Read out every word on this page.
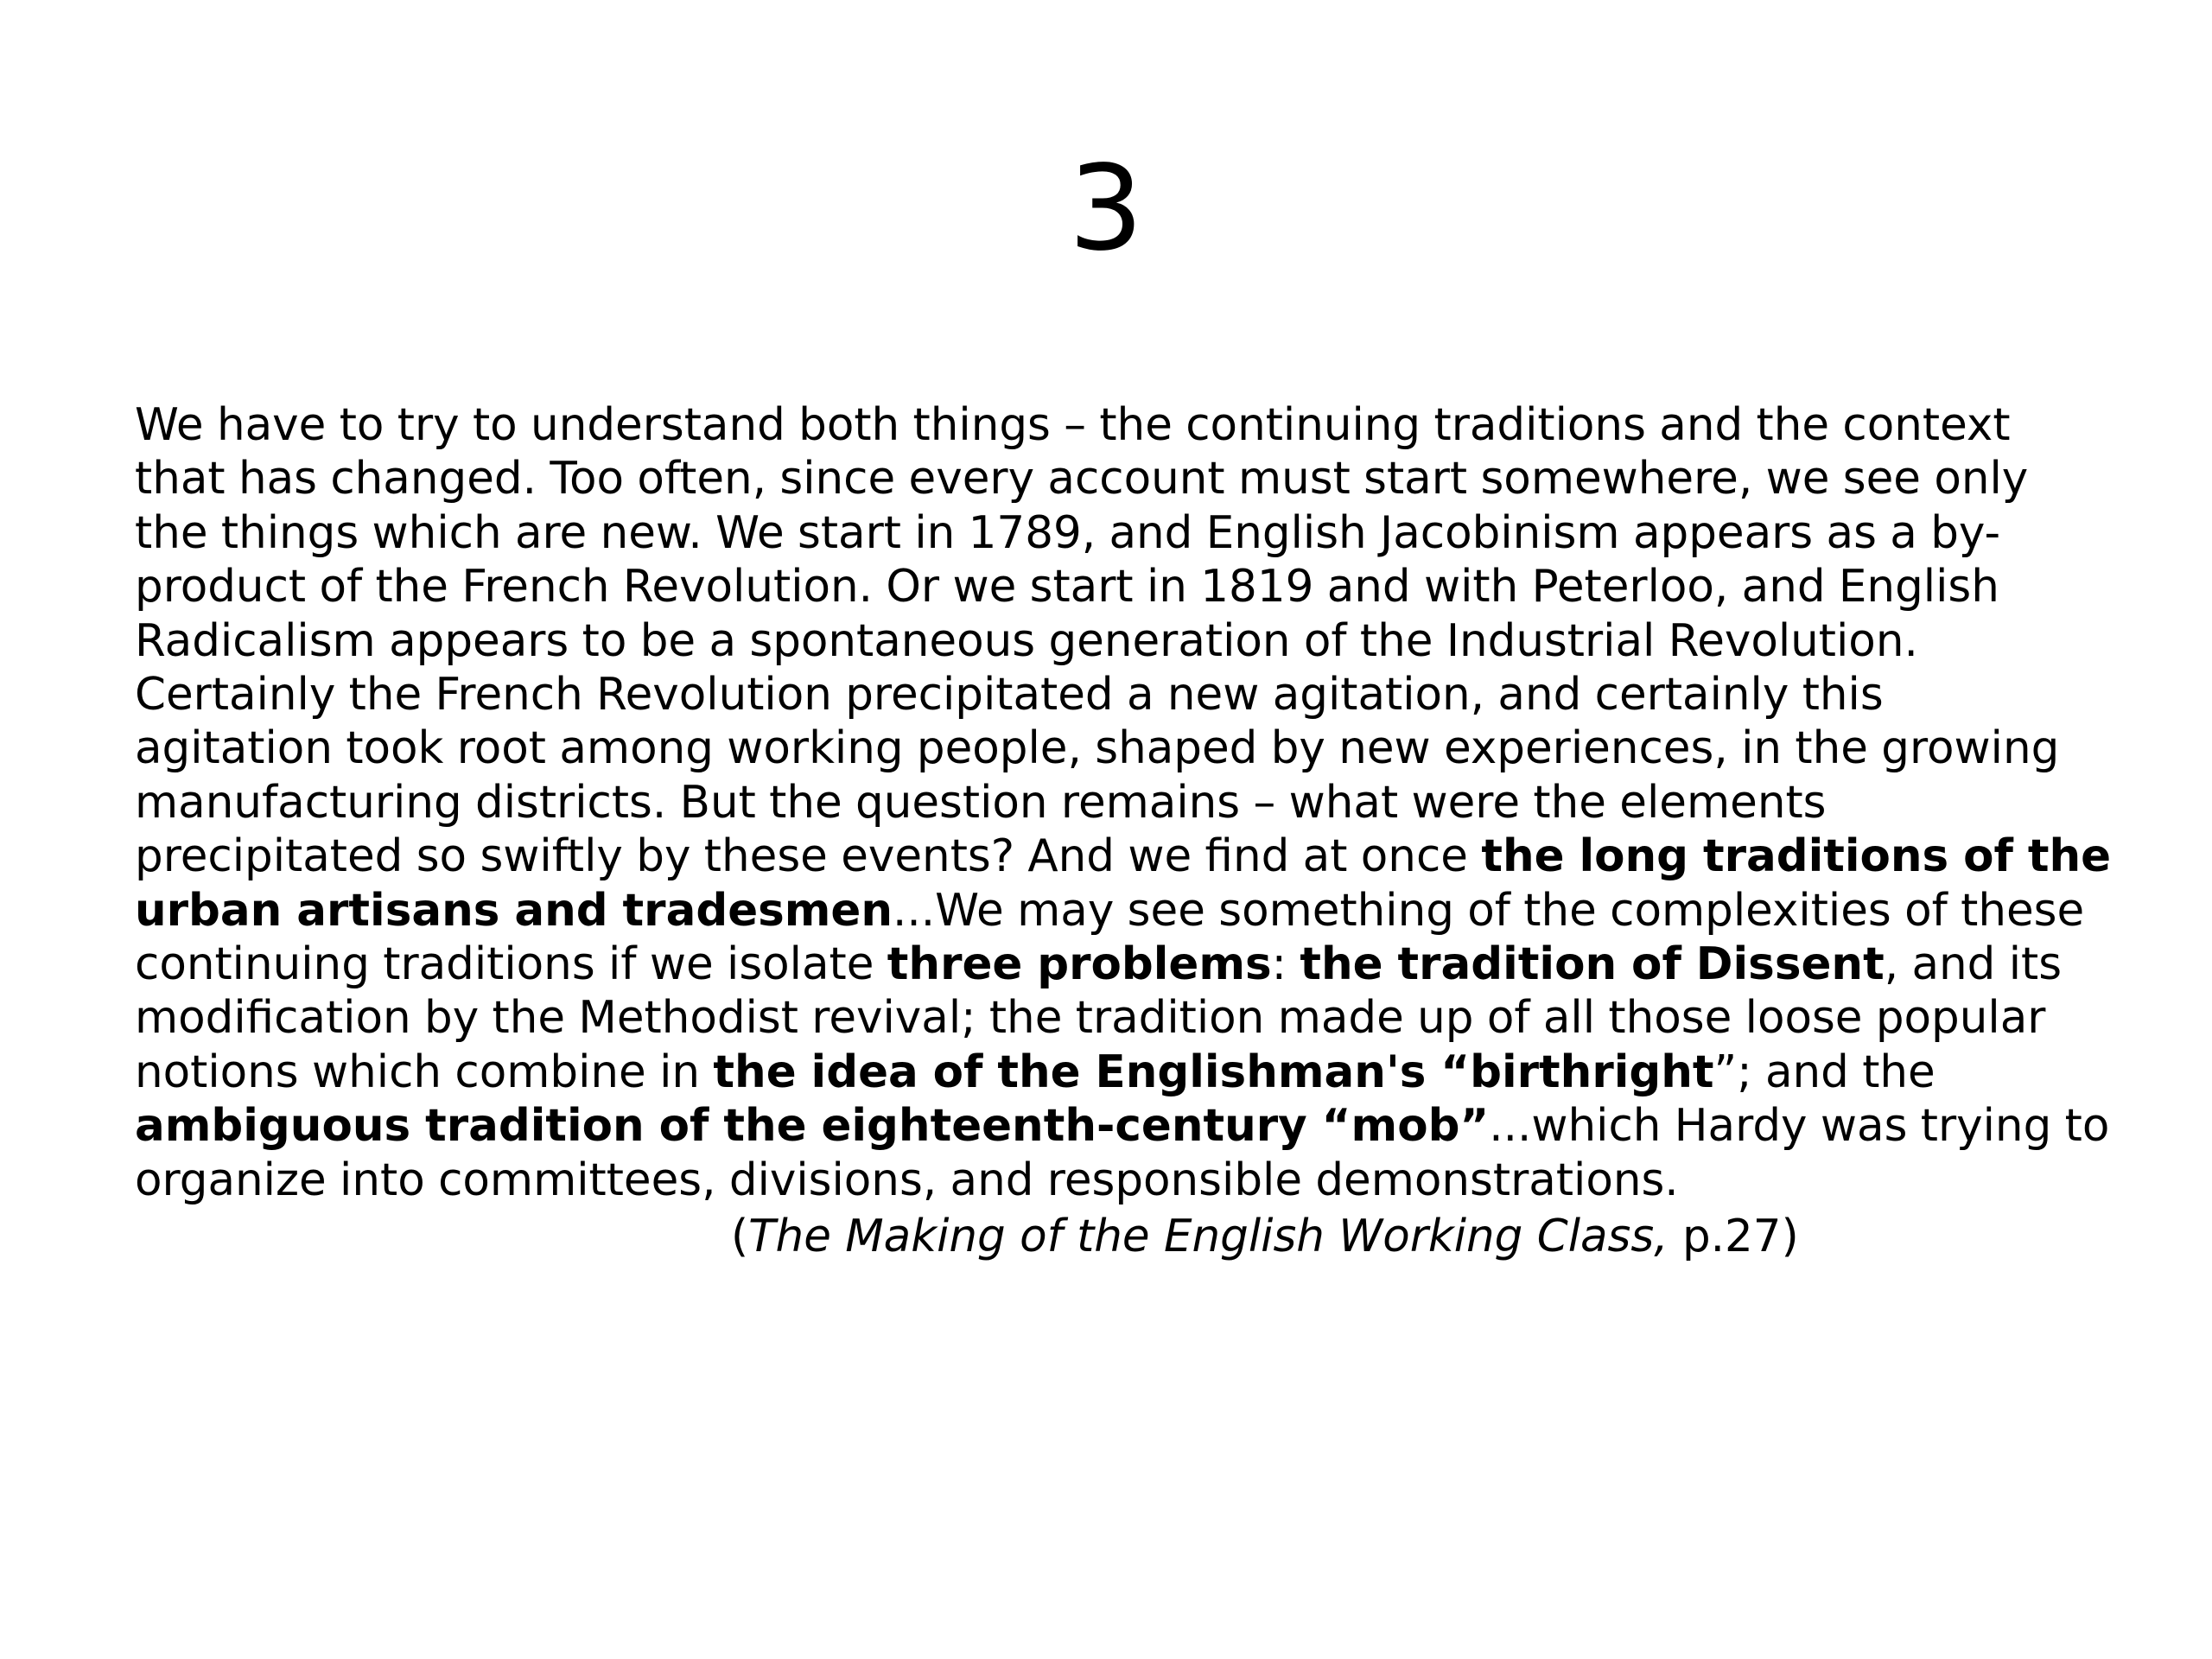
3
We have to try to understand both things – the continuing traditions and the context
that has changed. Too often, since every account must start somewhere, we see only
the things which are new. We start in 1789, and English Jacobinism appears as a by-
product of the French Revolution. Or we start in 1819 and with Peterloo, and English
Radicalism appears to be a spontaneous generation of the Industrial Revolution.
Certainly the French Revolution precipitated a new agitation, and certainly this
agitation took root among working people, shaped by new experiences, in the growing
manufacturing districts. But the question remains – what were the elements
precipitated so swiftly by these events? And we find at once the long traditions of the
urban artisans and tradesmen...We may see something of the complexities of these
continuing traditions if we isolate three problems: the tradition of Dissent, and its
modification by the Methodist revival; the tradition made up of all those loose popular
notions which combine in the idea of the Englishman's “birthright”; and the
ambiguous tradition of the eighteenth-century “mob”...which Hardy was trying to
organize into committees, divisions, and responsible demonstrations.

(The Making of the English Working Class, p.27)
